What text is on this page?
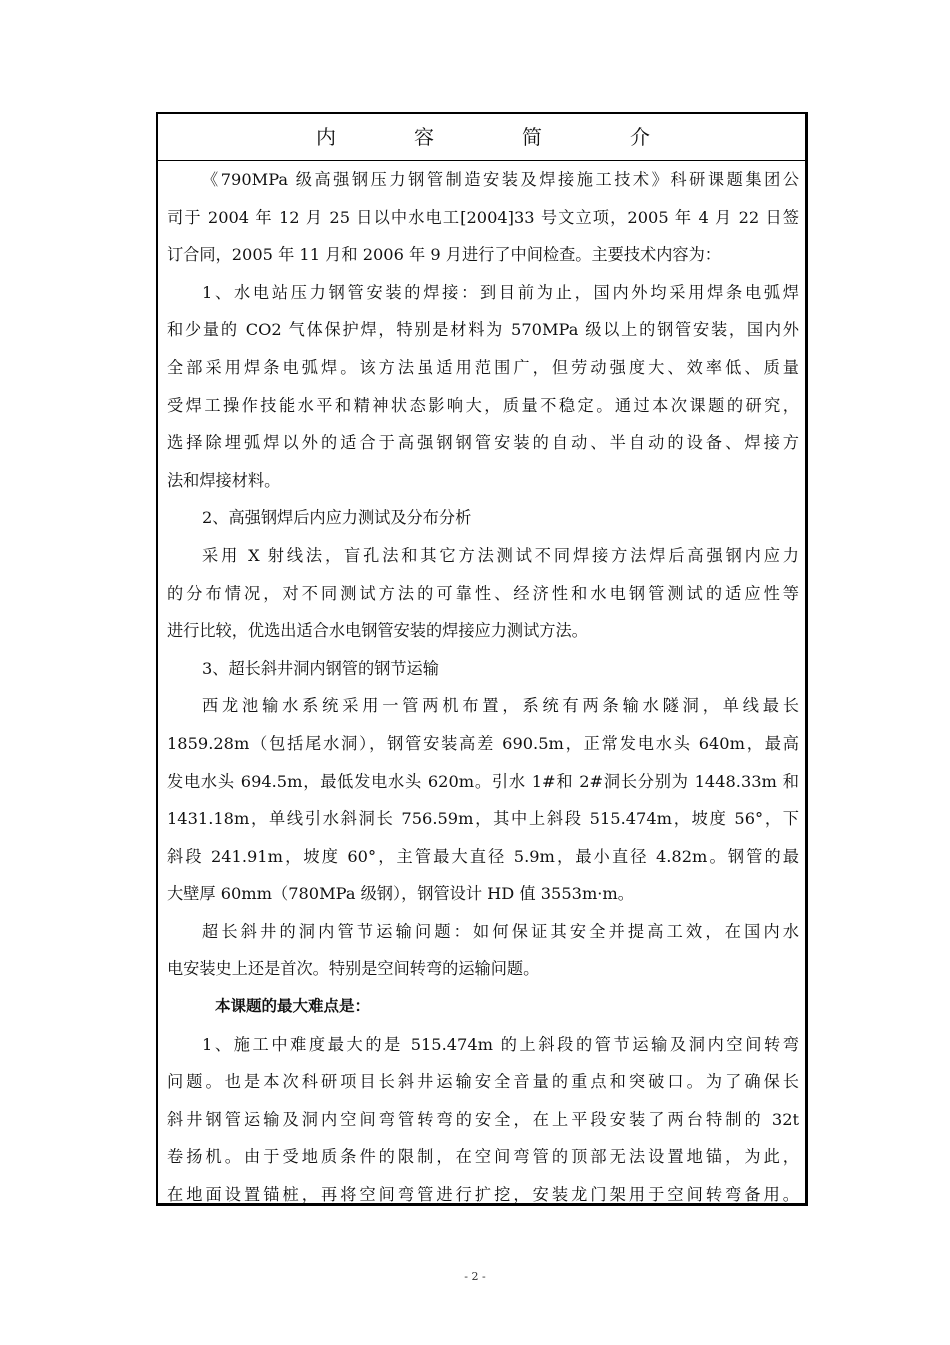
内	容	简	介
《790MPa 级高强钢压力钢管制造安装及焊接施工技术》科研课题集团公
司于 2004 年 12 月 25 日以中水电工[2004]33 号文立项，2005 年 4 月 22 日签
订合同，2005 年 11 月和 2006 年 9 月进行了中间检查。主要技术内容为：
1、水电站压力钢管安装的焊接：到目前为止，国内外均采用焊条电弧焊
和少量的 CO2 气体保护焊，特别是材料为 570MPa 级以上的钢管安装，国内外
全部采用焊条电弧焊。该方法虽适用范围广，但劳动强度大、效率低、质量
受焊工操作技能水平和精神状态影响大，质量不稳定。通过本次课题的研究，
选择除埋弧焊以外的适合于高强钢钢管安装的自动、半自动的设备、焊接方
法和焊接材料。
2、高强钢焊后内应力测试及分布分析
采用 X 射线法，盲孔法和其它方法测试不同焊接方法焊后高强钢内应力
的分布情况，对不同测试方法的可靠性、经济性和水电钢管测试的适应性等
进行比较，优选出适合水电钢管安装的焊接应力测试方法。
3、超长斜井洞内钢管的钢节运输
西龙池输水系统采用一管两机布置，系统有两条输水隧洞，单线最长
1859.28m（包括尾水洞），钢管安装高差 690.5m，正常发电水头 640m，最高
发电水头 694.5m，最低发电水头 620m。引水 1#和 2#洞长分别为 1448.33m 和
1431.18m，单线引水斜洞长 756.59m，其中上斜段 515.474m，坡度 56°，下
斜段 241.91m，坡度 60°，主管最大直径 5.9m，最小直径 4.82m。钢管的最
大壁厚 60mm（780MPa 级钢），钢管设计 HD 值 3553m·m。
超长斜井的洞内管节运输问题：如何保证其安全并提高工效，在国内水
电安装史上还是首次。特别是空间转弯的运输问题。
本课题的最大难点是：
1、施工中难度最大的是 515.474m 的上斜段的管节运输及洞内空间转弯
问题。也是本次科研项目长斜井运输安全音量的重点和突破口。为了确保长
斜井钢管运输及洞内空间弯管转弯的安全，在上平段安装了两台特制的 32t
卷扬机。由于受地质条件的限制，在空间弯管的顶部无法设置地锚，为此，
在地面设置锚桩，再将空间弯管进行扩挖，安装龙门架用于空间转弯备用。
- 2 -
